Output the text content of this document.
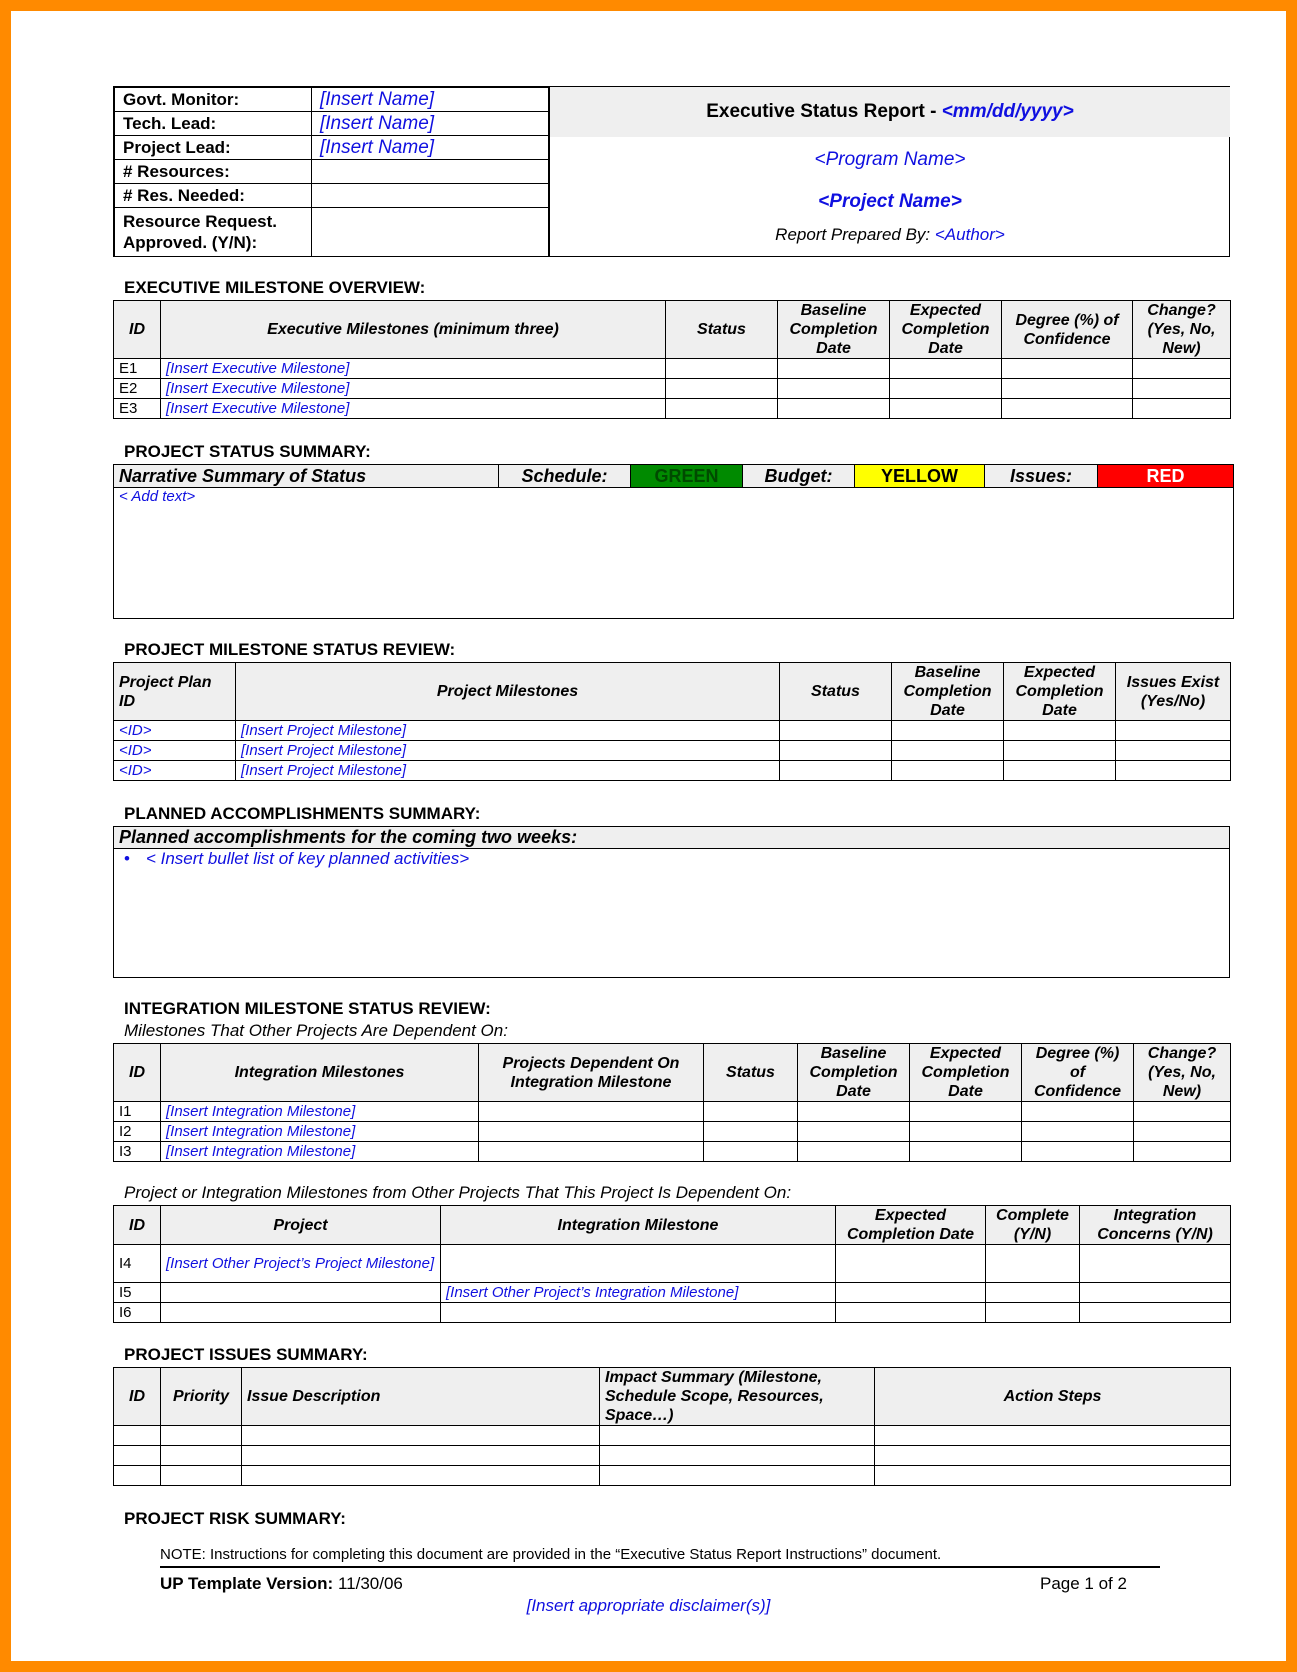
Govt. Monitor:	[Insert Name]
Tech. Lead:	[Insert Name]
Project Lead:	[Insert Name]
# Resources:	
# Res. Needed:	
Resource Request.
Approved. (Y/N):	
Executive Status Report - <mm/dd/yyyy>
<Program Name>
<Project Name>
Report Prepared By: <Author>
EXECUTIVE MILESTONE OVERVIEW:
ID	Executive Milestones (minimum three)	Status	Baseline Completion Date	Expected Completion Date	Degree (%) of Confidence	Change? (Yes, No, New)
E1	[Insert Executive Milestone]					
E2	[Insert Executive Milestone]					
E3	[Insert Executive Milestone]					
PROJECT STATUS SUMMARY:
Narrative Summary of Status	Schedule:	GREEN	Budget:	YELLOW	Issues:	RED
< Add text>
PROJECT MILESTONE STATUS REVIEW:
Project Plan ID	Project Milestones	Status	Baseline Completion Date	Expected Completion Date	Issues Exist (Yes/No)
<ID>	[Insert Project Milestone]				
<ID>	[Insert Project Milestone]				
<ID>	[Insert Project Milestone]				
PLANNED ACCOMPLISHMENTS SUMMARY:
Planned accomplishments for the coming two weeks:
• < Insert bullet list of key planned activities>
INTEGRATION MILESTONE STATUS REVIEW:
Milestones That Other Projects Are Dependent On:
ID	Integration Milestones	Projects Dependent On Integration Milestone	Status	Baseline Completion Date	Expected Completion Date	Degree (%) of Confidence	Change? (Yes, No, New)
I1	[Insert Integration Milestone]						
I2	[Insert Integration Milestone]						
I3	[Insert Integration Milestone]						
Project or Integration Milestones from Other Projects That This Project Is Dependent On:
ID	Project	Integration Milestone	Expected Completion Date	Complete (Y/N)	Integration Concerns (Y/N)
I4	[Insert Other Project’s Project Milestone]				
I5		[Insert Other Project’s Integration Milestone]			
I6					
PROJECT ISSUES SUMMARY:
ID	Priority	Issue Description	Impact Summary (Milestone, Schedule Scope, Resources, Space…)	Action Steps

PROJECT RISK SUMMARY:
NOTE: Instructions for completing this document are provided in the “Executive Status Report Instructions” document.
UP Template Version: 11/30/06	Page 1 of 2
[Insert appropriate disclaimer(s)]
